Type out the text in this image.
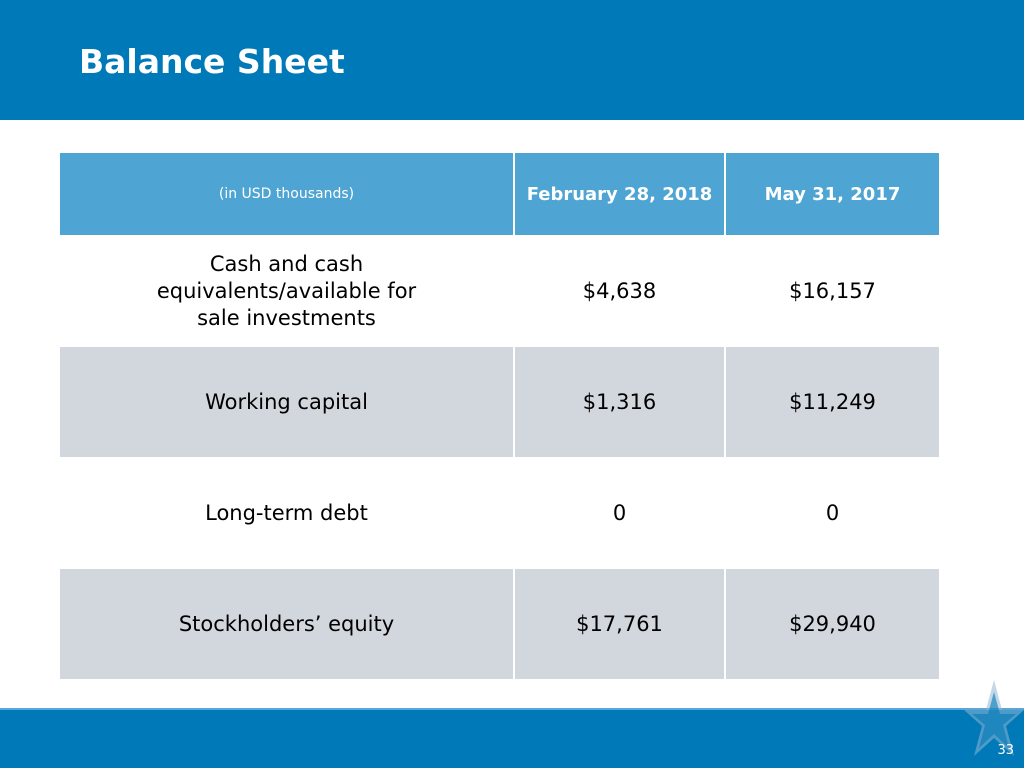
Balance Sheet
(in USD thousands)	February 28, 2018	May 31, 2017
Cash and cash equivalents/available for sale investments	$4,638	$16,157
Working capital	$1,316	$11,249
Long-term debt	0	0
Stockholders’ equity	$17,761	$29,940
33
